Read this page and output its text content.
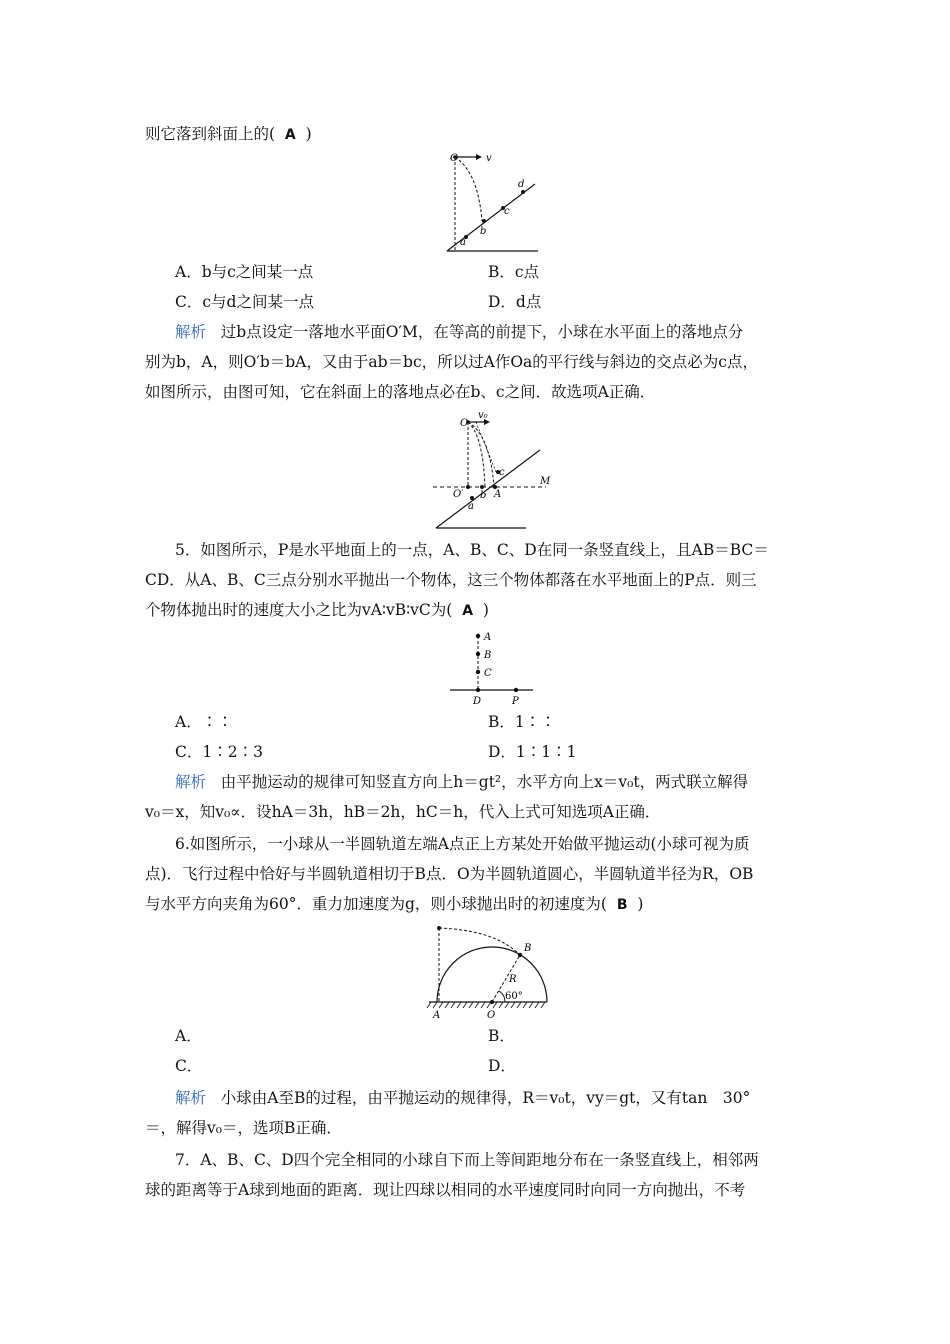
则它落到斜面上的( A )
O	v
a
b
c
d
A．b与c之间某一点	B．c点
C．c与d之间某一点	D．d点
解析 过b点设定一落地水平面O′M，在等高的前提下，小球在水平面上的落地点分
别为b，A，则O′b＝bA，又由于ab＝bc，所以过A作Oa的平行线与斜边的交点必为c点，
如图所示，由图可知，它在斜面上的落地点必在b、c之间．故选项A正确．
O
v₀
O′
a
b A
c
M
5．如图所示，P是水平地面上的一点，A、B、C、D在同一条竖直线上，且AB＝BC＝
CD．从A、B、C三点分别水平抛出一个物体，这三个物体都落在水平地面上的P点．则三
个物体抛出时的速度大小之比为vA∶vB∶vC为( A )
A
B
C
D	P
A．∶∶	B．1∶∶
C．1∶2∶3	D．1∶1∶1
解析 由平抛运动的规律可知竖直方向上h＝gt²，水平方向上x＝v₀t，两式联立解得
v₀＝x，知v₀∝．设hA＝3h，hB＝2h，hC＝h，代入上式可知选项A正确．
6.如图所示，一小球从一半圆轨道左端A点正上方某处开始做平抛运动(小球可视为质
点)．飞行过程中恰好与半圆轨道相切于B点．O为半圆轨道圆心，半圆轨道半径为R，OB
与水平方向夹角为60°．重力加速度为g，则小球抛出时的初速度为( B )
B
R
60°
A	O
A．	B．
C．	D．
解析 小球由A至B的过程，由平抛运动的规律得，R＝v₀t，vy＝gt，又有tan　30°
＝，解得v₀＝，选项B正确．
7．A、B、C、D四个完全相同的小球自下而上等间距地分布在一条竖直线上，相邻两
球的距离等于A球到地面的距离．现让四球以相同的水平速度同时向同一方向抛出，不考
